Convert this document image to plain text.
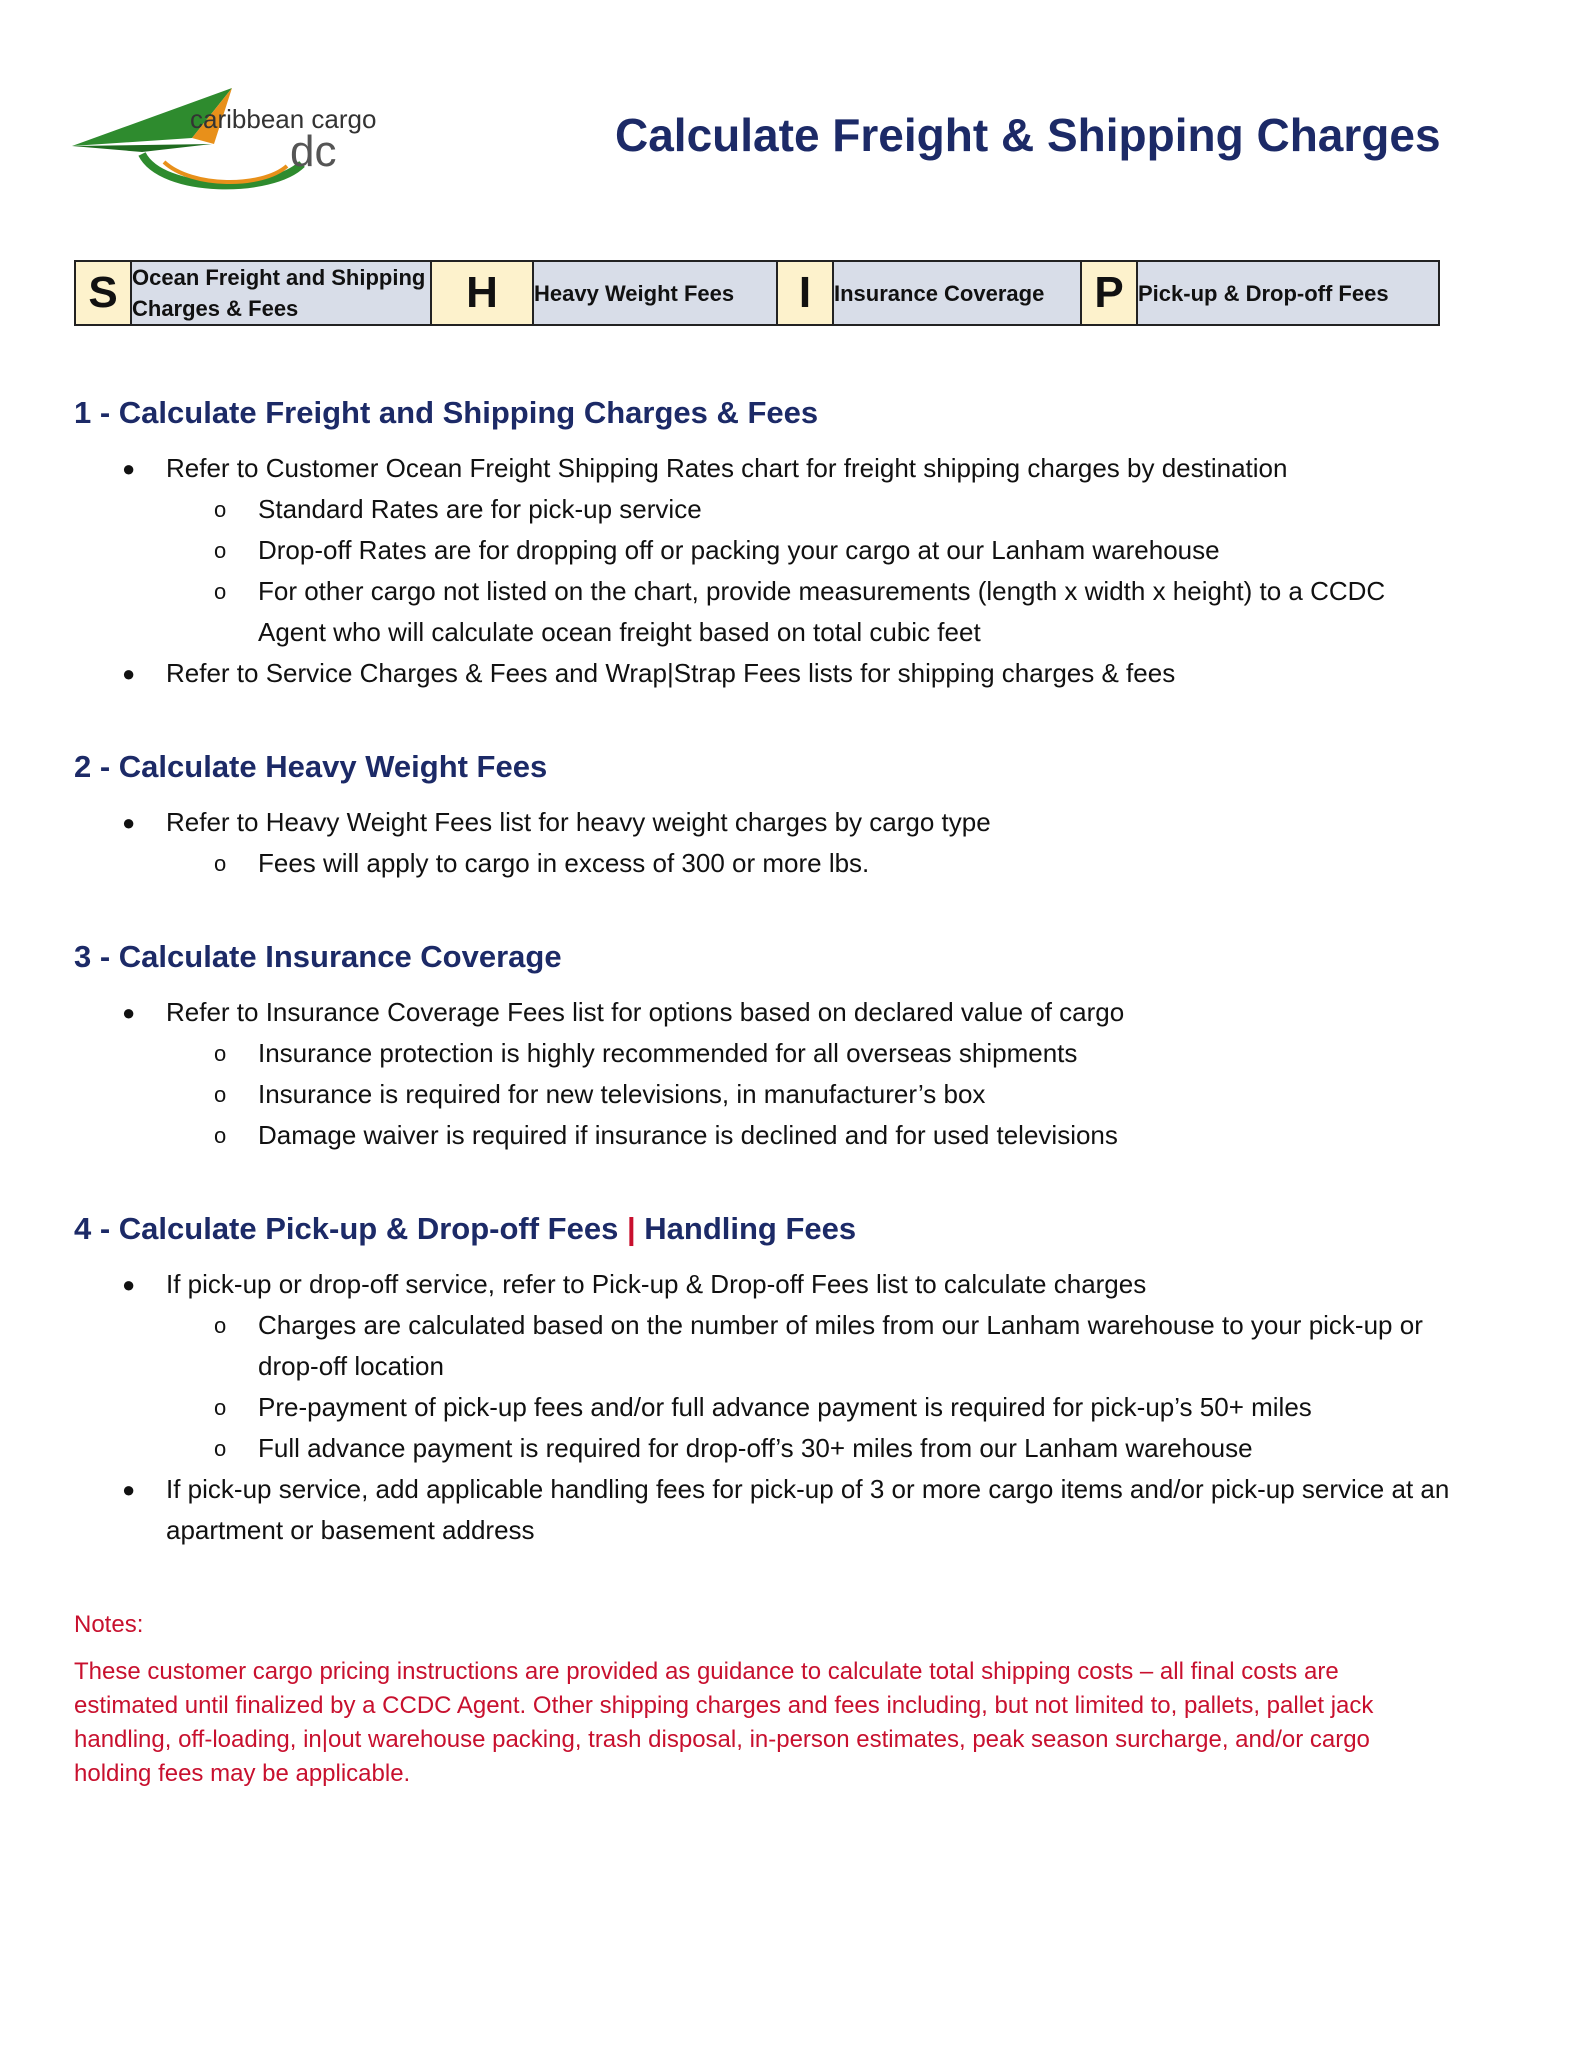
caribbean cargo
dc	Calculate Freight & Shipping Charges
S	Ocean Freight and Shipping Charges & Fees	H	Heavy Weight Fees	I	Insurance Coverage	P	Pick-up & Drop-off Fees
1 - Calculate Freight and Shipping Charges & Fees
● Refer to Customer Ocean Freight Shipping Rates chart for freight shipping charges by destination
o Standard Rates are for pick-up service
o Drop-off Rates are for dropping off or packing your cargo at our Lanham warehouse
o For other cargo not listed on the chart, provide measurements (length x width x height) to a CCDC Agent who will calculate ocean freight based on total cubic feet
● Refer to Service Charges & Fees and Wrap|Strap Fees lists for shipping charges & fees
2 - Calculate Heavy Weight Fees
● Refer to Heavy Weight Fees list for heavy weight charges by cargo type
o Fees will apply to cargo in excess of 300 or more lbs.
3 - Calculate Insurance Coverage
● Refer to Insurance Coverage Fees list for options based on declared value of cargo
o Insurance protection is highly recommended for all overseas shipments
o Insurance is required for new televisions, in manufacturer’s box
o Damage waiver is required if insurance is declined and for used televisions
4 - Calculate Pick-up & Drop-off Fees | Handling Fees
● If pick-up or drop-off service, refer to Pick-up & Drop-off Fees list to calculate charges
o Charges are calculated based on the number of miles from our Lanham warehouse to your pick-up or drop-off location
o Pre-payment of pick-up fees and/or full advance payment is required for pick-up’s 50+ miles
o Full advance payment is required for drop-off’s 30+ miles from our Lanham warehouse
● If pick-up service, add applicable handling fees for pick-up of 3 or more cargo items and/or pick-up service at an apartment or basement address
Notes:
These customer cargo pricing instructions are provided as guidance to calculate total shipping costs – all final costs are estimated until finalized by a CCDC Agent. Other shipping charges and fees including, but not limited to, pallets, pallet jack handling, off-loading, in|out warehouse packing, trash disposal, in-person estimates, peak season surcharge, and/or cargo holding fees may be applicable.
